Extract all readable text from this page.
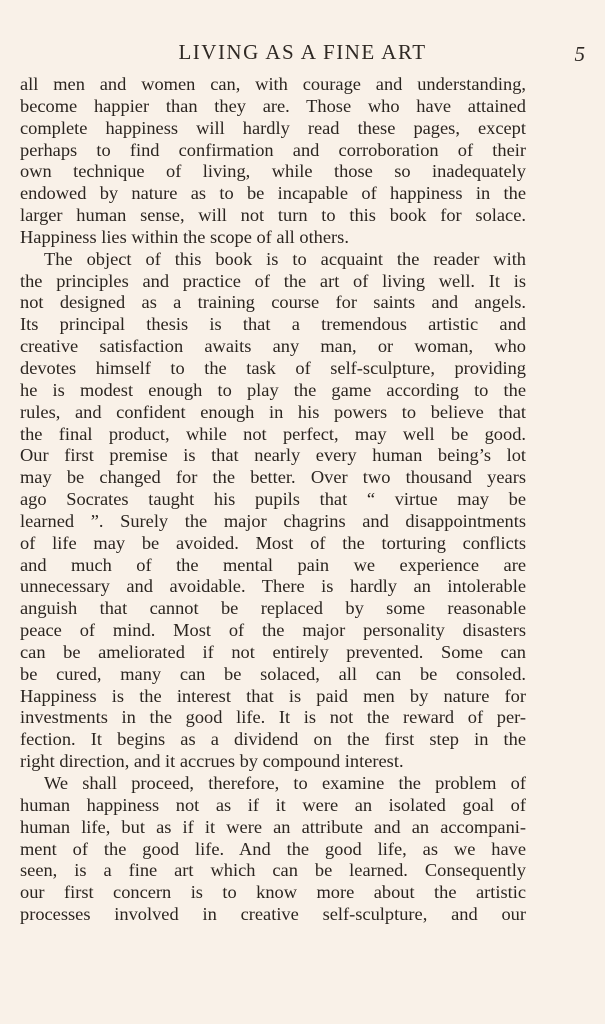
LIVING AS A FINE ART	5
all men and women can, with courage and understanding,
become happier than they are. Those who have attained
complete happiness will hardly read these pages, except
perhaps to find confirmation and corroboration of their
own technique of living, while those so inadequately
endowed by nature as to be incapable of happiness in the
larger human sense, will not turn to this book for solace.
Happiness lies within the scope of all others.
The object of this book is to acquaint the reader with
the principles and practice of the art of living well. It is
not designed as a training course for saints and angels.
Its principal thesis is that a tremendous artistic and
creative satisfaction awaits any man, or woman, who
devotes himself to the task of self-sculpture, providing
he is modest enough to play the game according to the
rules, and confident enough in his powers to believe that
the final product, while not perfect, may well be good.
Our first premise is that nearly every human being’s lot
may be changed for the better. Over two thousand years
ago Socrates taught his pupils that “ virtue may be
learned ”. Surely the major chagrins and disappointments
of life may be avoided. Most of the torturing conflicts
and much of the mental pain we experience are
unnecessary and avoidable. There is hardly an intolerable
anguish that cannot be replaced by some reasonable
peace of mind. Most of the major personality disasters
can be ameliorated if not entirely prevented. Some can
be cured, many can be solaced, all can be consoled.
Happiness is the interest that is paid men by nature for
investments in the good life. It is not the reward of per-
fection. It begins as a dividend on the first step in the
right direction, and it accrues by compound interest.
We shall proceed, therefore, to examine the problem of
human happiness not as if it were an isolated goal of
human life, but as if it were an attribute and an accompani-
ment of the good life. And the good life, as we have
seen, is a fine art which can be learned. Consequently
our first concern is to know more about the artistic
processes involved in creative self-sculpture, and our
